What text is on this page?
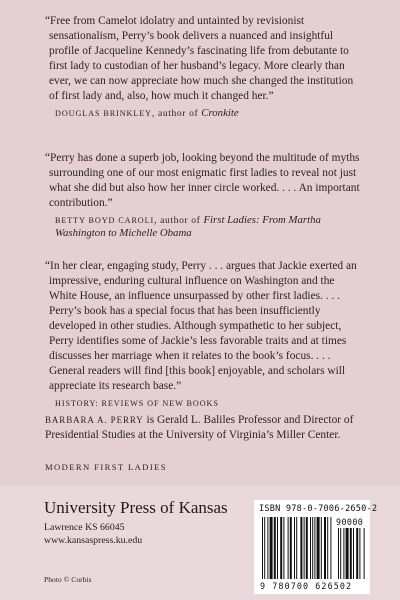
“Free from Camelot idolatry and untainted by revisionist sensationalism, Perry’s book delivers a nuanced and insightful profile of Jacqueline Kennedy’s fascinating life from debutante to first lady to custodian of her husband’s legacy. More clearly than ever, we can now appreciate how much she changed the institution of first lady and, also, how much it changed her.”

DOUGLAS BRINKLEY, author of Cronkite

“Perry has done a superb job, looking beyond the multitude of myths surrounding one of our most enigmatic first ladies to reveal not just what she did but also how her inner circle worked. . . . An important contribution.”

BETTY BOYD CAROLI, author of First Ladies: From Martha Washington to Michelle Obama

“In her clear, engaging study, Perry . . . argues that Jackie exerted an impressive, enduring cultural influence on Washington and the White House, an influence unsurpassed by other first ladies. . . . Perry’s book has a special focus that has been insufficiently developed in other studies. Although sympathetic to her subject, Perry identifies some of Jackie’s less favorable traits and at times discusses her marriage when it relates to the book’s focus. . . . General readers will find [this book] enjoyable, and scholars will appreciate its research base.”

HISTORY: REVIEWS OF NEW BOOKS

BARBARA A. PERRY is Gerald L. Baliles Professor and Director of Presidential Studies at the University of Virginia’s Miller Center.

MODERN FIRST LADIES
University Press of Kansas
Lawrence KS 66045
www.kansaspress.ku.edu
Photo © Corbis
ISBN 978-0-7006-2650-2
90000
9 780700 626502
